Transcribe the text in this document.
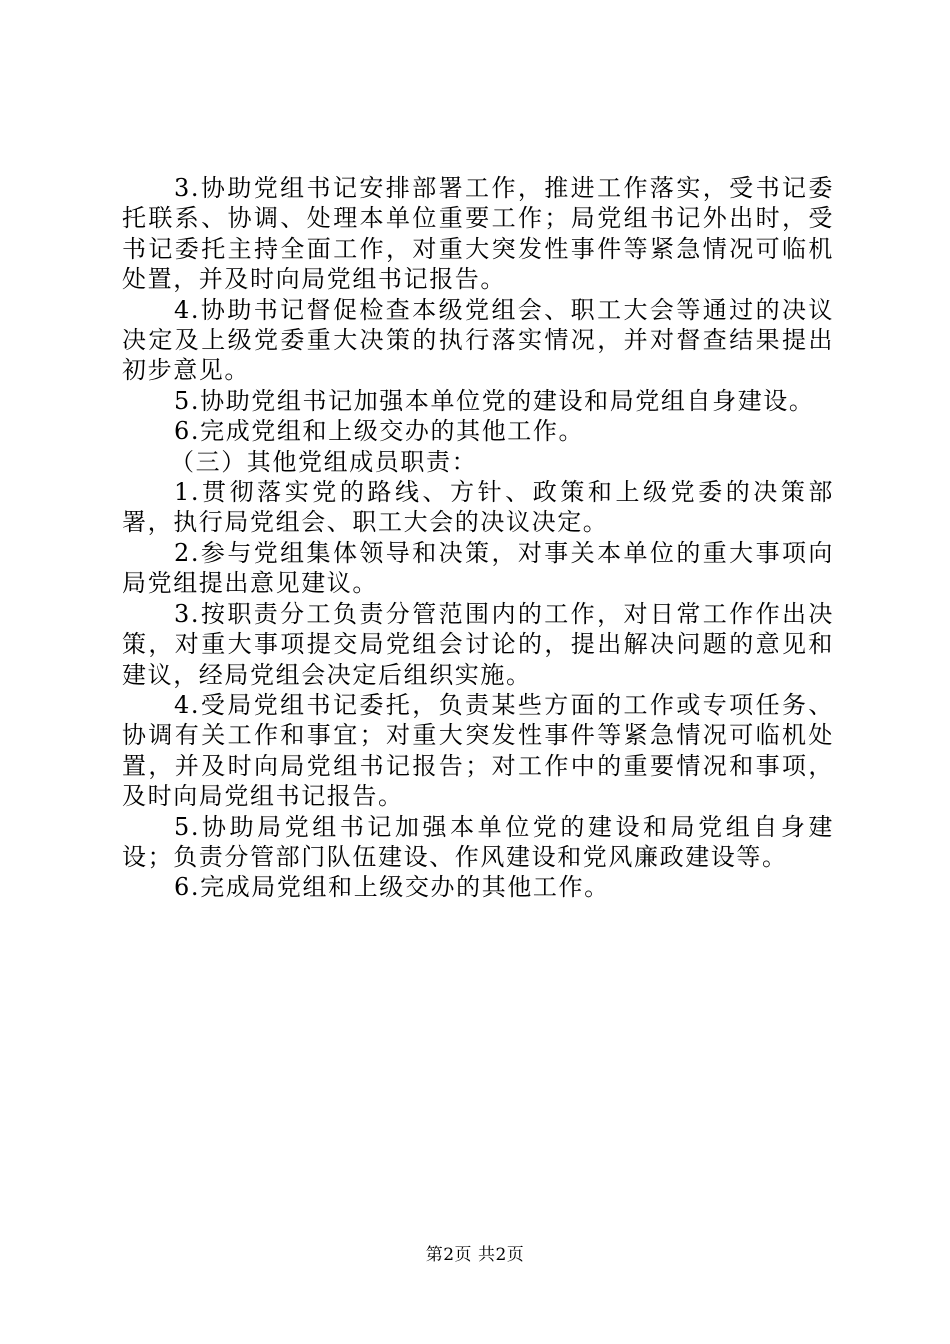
3.协助党组书记安排部署工作，推进工作落实，受书记委托联系、协调、处理本单位重要工作；局党组书记外出时，受书记委托主持全面工作，对重大突发性事件等紧急情况可临机处置，并及时向局党组书记报告。

4.协助书记督促检查本级党组会、职工大会等通过的决议决定及上级党委重大决策的执行落实情况，并对督查结果提出初步意见。

5.协助党组书记加强本单位党的建设和局党组自身建设。

6.完成党组和上级交办的其他工作。

（三）其他党组成员职责：

1.贯彻落实党的路线、方针、政策和上级党委的决策部署，执行局党组会、职工大会的决议决定。

2.参与党组集体领导和决策，对事关本单位的重大事项向局党组提出意见建议。

3.按职责分工负责分管范围内的工作，对日常工作作出决策，对重大事项提交局党组会讨论的，提出解决问题的意见和建议，经局党组会决定后组织实施。

4.受局党组书记委托，负责某些方面的工作或专项任务、协调有关工作和事宜；对重大突发性事件等紧急情况可临机处置，并及时向局党组书记报告；对工作中的重要情况和事项，及时向局党组书记报告。

5.协助局党组书记加强本单位党的建设和局党组自身建设；负责分管部门队伍建设、作风建设和党风廉政建设等。

6.完成局党组和上级交办的其他工作。

第2页 共2页
